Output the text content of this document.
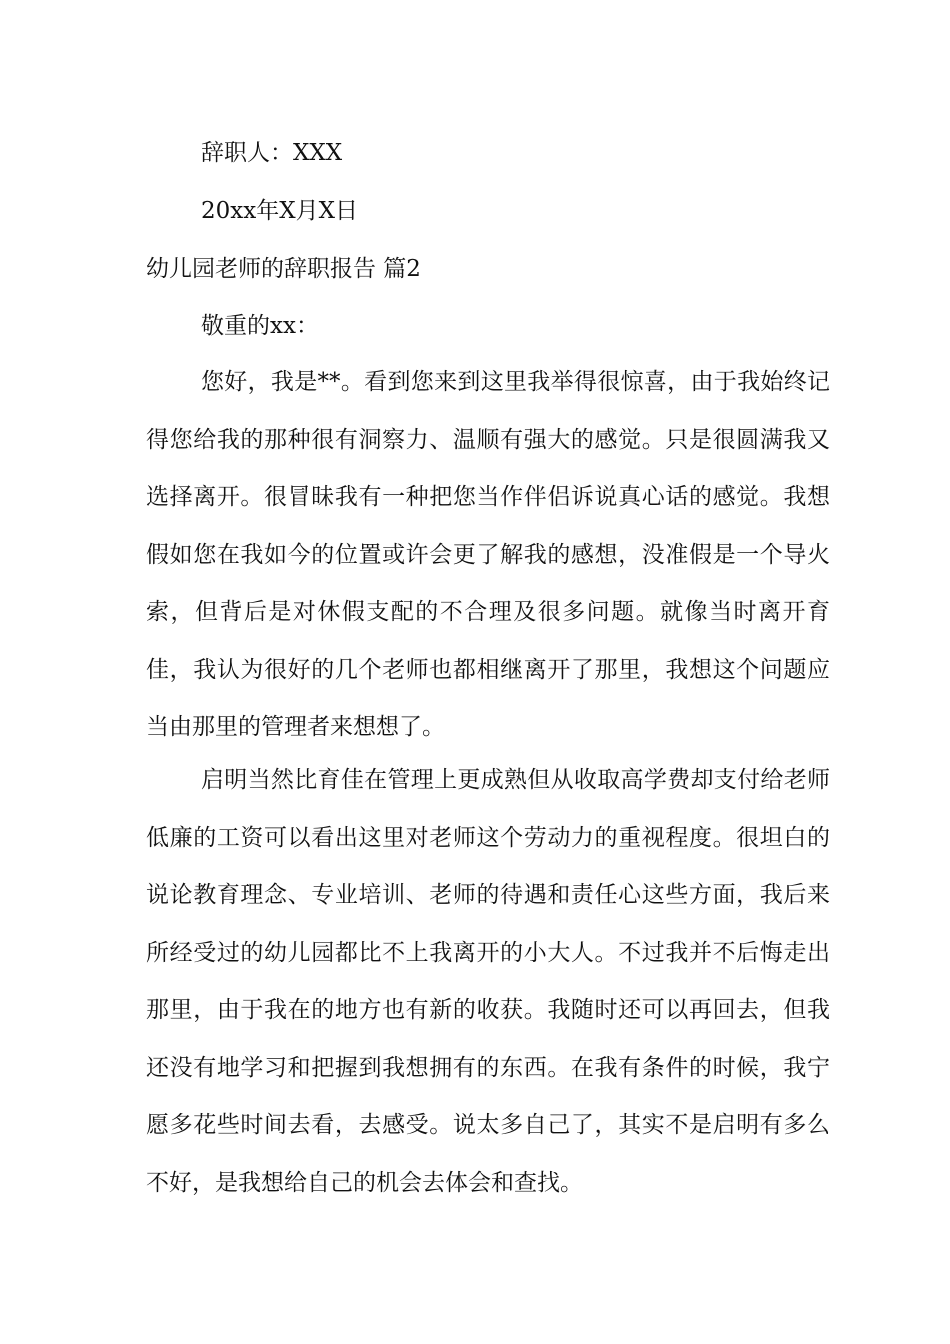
辞职人：XXX
20xx年X月X日
幼儿园老师的辞职报告 篇2
敬重的xx：

您好，我是**。看到您来到这里我举得很惊喜，由于我始终记得您给我的那种很有洞察力、温顺有强大的感觉。只是很圆满我又选择离开。很冒昧我有一种把您当作伴侣诉说真心话的感觉。我想假如您在我如今的位置或许会更了解我的感想，没准假是一个导火索，但背后是对休假支配的不合理及很多问题。就像当时离开育佳，我认为很好的几个老师也都相继离开了那里，我想这个问题应当由那里的管理者来想想了。

启明当然比育佳在管理上更成熟但从收取高学费却支付给老师低廉的工资可以看出这里对老师这个劳动力的重视程度。很坦白的说论教育理念、专业培训、老师的待遇和责任心这些方面，我后来所经受过的幼儿园都比不上我离开的小大人。不过我并不后悔走出那里，由于我在的地方也有新的收获。我随时还可以再回去，但我还没有地学习和把握到我想拥有的东西。在我有条件的时候，我宁愿多花些时间去看，去感受。说太多自己了，其实不是启明有多么不好，是我想给自己的机会去体会和查找。
